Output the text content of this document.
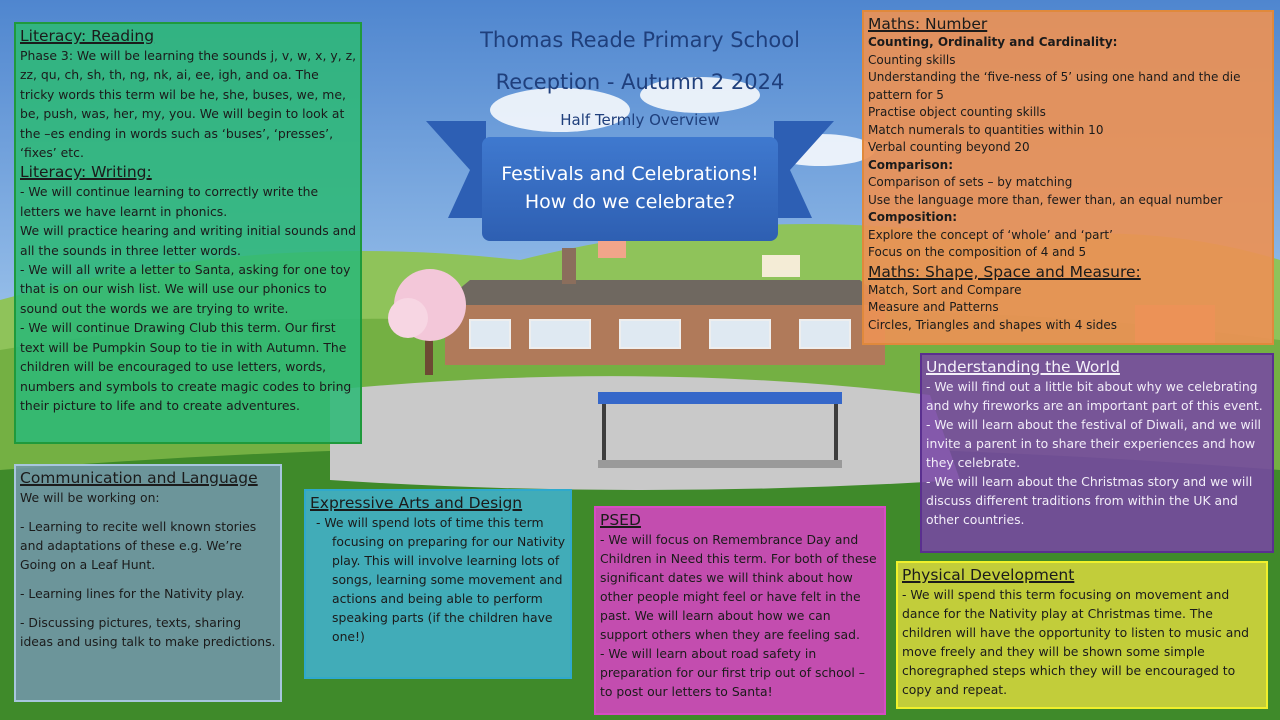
Thomas Reade Primary School
Reception - Autumn 2 2024
Half Termly Overview
Festivals and Celebrations!
How do we celebrate?
Literacy: Reading

Phase 3: We will be learning the sounds j, v, w, x, y, z, zz, qu, ch, sh, th, ng, nk, ai, ee, igh, and oa. The tricky words this term wil be he, she, buses, we, me, be, push, was, her, my, you. We will begin to look at the –es ending in words such as ‘buses’, ‘presses’, ‘fixes’ etc.

Literacy: Writing:

- We will continue learning to correctly write the letters we have learnt in phonics.

We will practice hearing and writing initial sounds and all the sounds in three letter words.

- We will all write a letter to Santa, asking for one toy that is on our wish list. We will use our phonics to sound out the words we are trying to write.

- We will continue Drawing Club this term. Our first text will be Pumpkin Soup to tie in with Autumn. The children will be encouraged to use letters, words, numbers and symbols to create magic codes to bring their picture to life and to create adventures.

Maths: Number

Counting, Ordinality and Cardinality:

Counting skills

Understanding the ‘five-ness of 5’ using one hand and the die pattern for 5

Practise object counting skills

Match numerals to quantities within 10

Verbal counting beyond 20

Comparison:

Comparison of sets – by matching

Use the language more than, fewer than, an equal number

Composition:

Explore the concept of ‘whole’ and ‘part’

Focus on the composition of 4 and 5

Maths: Shape, Space and Measure:

Match, Sort and Compare

Measure and Patterns

Circles, Triangles and shapes with 4 sides

Understanding the World

- We will find out a little bit about why we celebrating and why fireworks are an important part of this event.

- We will learn about the festival of Diwali, and we will invite a parent in to share their experiences and how they celebrate.

- We will learn about the Christmas story and we will discuss different traditions from within the UK and other countries.

Communication and Language

We will be working on:

- Learning to recite well known stories and adaptations of these e.g. We’re Going on a Leaf Hunt.

- Learning lines for the Nativity play.

- Discussing pictures, texts, sharing ideas and using talk to make predictions.

Expressive Arts and Design

- We will spend lots of time this term focusing on preparing for our Nativity play. This will involve learning lots of songs, learning some movement and actions and being able to perform speaking parts (if the children have one!)

PSED

- We will focus on Remembrance Day and Children in Need this term. For both of these significant dates we will think about how other people might feel or have felt in the past. We will learn about how we can support others when they are feeling sad.

- We will learn about road safety in preparation for our first trip out of school – to post our letters to Santa!

Physical Development

- We will spend this term focusing on movement and dance for the Nativity play at Christmas time. The children will have the opportunity to listen to music and move freely and they will be shown some simple choregraphed steps which they will be encouraged to copy and repeat.
